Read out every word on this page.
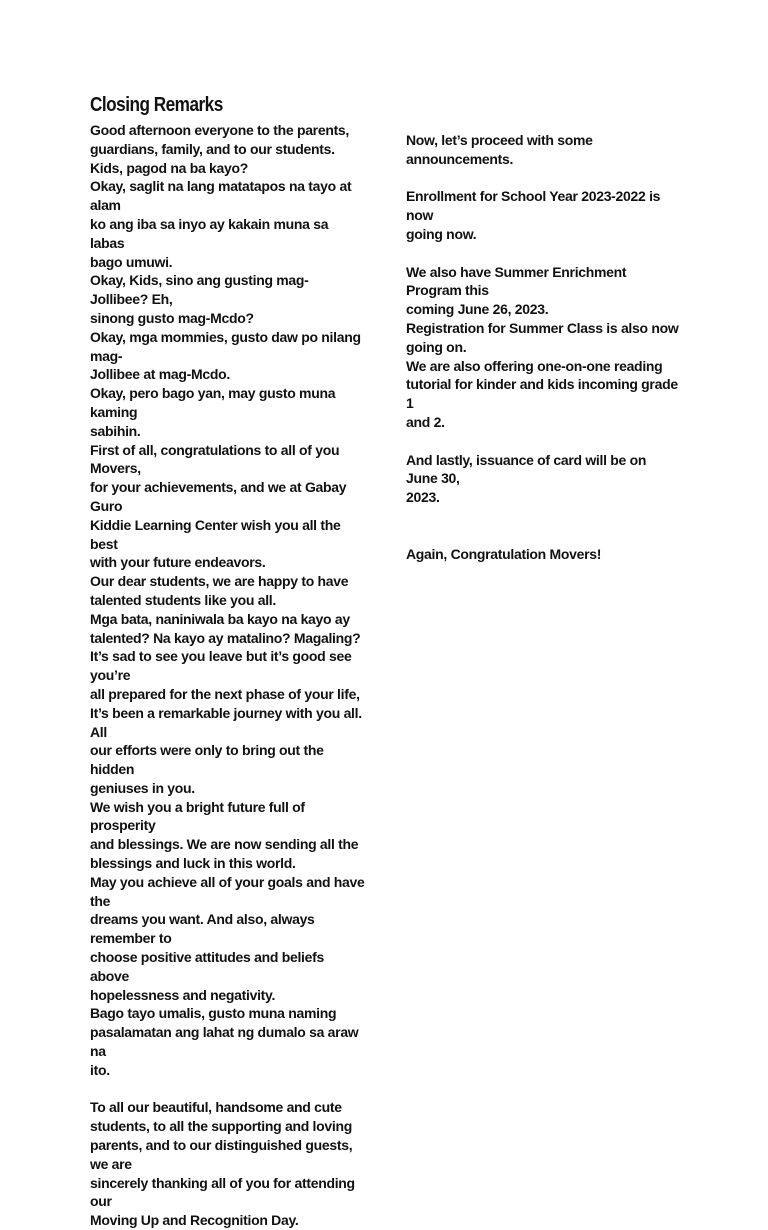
Closing Remarks

Good afternoon everyone to the parents,

guardians, family, and to our students.

Kids, pagod na ba kayo?

Okay, saglit na lang matatapos na tayo at alam

ko ang iba sa inyo ay kakain muna sa labas

bago umuwi.

Okay, Kids, sino ang gusting mag-Jollibee? Eh,

sinong gusto mag-Mcdo?

Okay, mga mommies, gusto daw po nilang mag-

Jollibee at mag-Mcdo.

Okay, pero bago yan, may gusto muna kaming

sabihin.

First of all, congratulations to all of you Movers,

for your achievements, and we at Gabay Guro

Kiddie Learning Center wish you all the best

with your future endeavors.

Our dear students, we are happy to have

talented students like you all.

Mga bata, naniniwala ba kayo na kayo ay

talented? Na kayo ay matalino? Magaling?

It’s sad to see you leave but it’s good see you’re

all prepared for the next phase of your life,

It’s been a remarkable journey with you all. All

our efforts were only to bring out the hidden

geniuses in you.

We wish you a bright future full of prosperity

and blessings. We are now sending all the

blessings and luck in this world.

May you achieve all of your goals and have the

dreams you want. And also, always remember to

choose positive attitudes and beliefs above

hopelessness and negativity.

Bago tayo umalis, gusto muna naming

pasalamatan ang lahat ng dumalo sa araw na

ito.

To all our beautiful, handsome and cute

students, to all the supporting and loving

parents, and to our distinguished guests, we are

sincerely thanking all of you for attending our

Moving Up and Recognition Day.

Now, let’s proceed with some announcements.

Enrollment for School Year 2023-2022 is now

going now.

We also have Summer Enrichment Program this

coming June 26, 2023.

Registration for Summer Class is also now

going on.

We are also offering one-on-one reading

tutorial for kinder and kids incoming grade 1

and 2.

And lastly, issuance of card will be on June 30,

2023.

Again, Congratulation Movers!
